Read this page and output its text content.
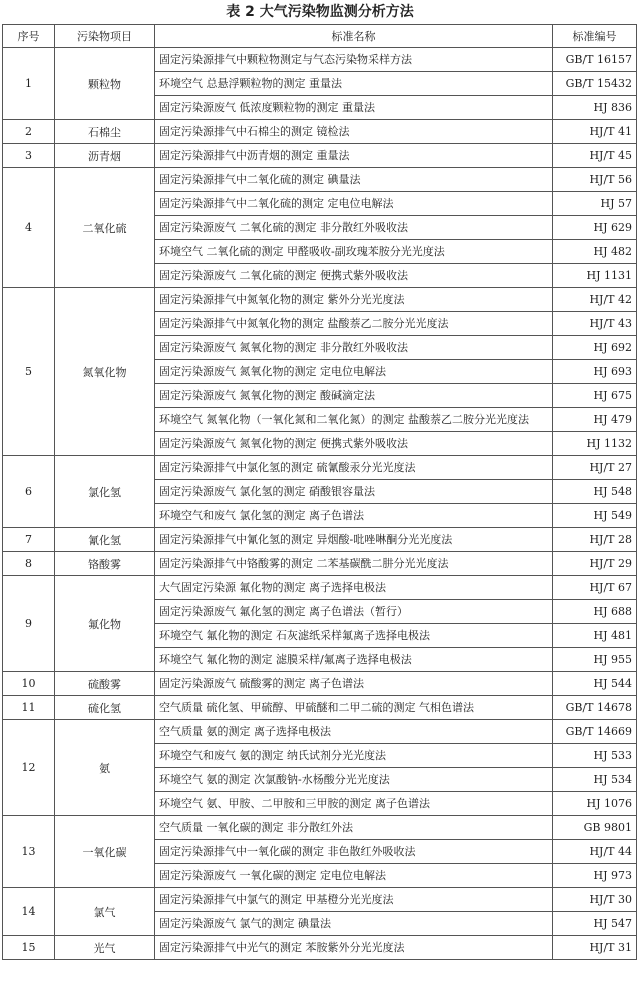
表 2 大气污染物监测分析方法
序号	污染物项目	标准名称	标准编号
1	颗粒物	固定污染源排气中颗粒物测定与气态污染物采样方法	GB/T 16157
		环境空气 总悬浮颗粒物的测定 重量法	GB/T 15432
		固定污染源废气 低浓度颗粒物的测定 重量法	HJ 836
2	石棉尘	固定污染源排气中石棉尘的测定 镜检法	HJ/T 41
3	沥青烟	固定污染源排气中沥青烟的测定 重量法	HJ/T 45
4	二氧化硫	固定污染源排气中二氧化硫的测定 碘量法	HJ/T 56
		固定污染源排气中二氧化硫的测定 定电位电解法	HJ 57
		固定污染源废气 二氧化硫的测定 非分散红外吸收法	HJ 629
		环境空气 二氧化硫的测定 甲醛吸收-副玫瑰苯胺分光光度法	HJ 482
		固定污染源废气 二氧化硫的测定 便携式紫外吸收法	HJ 1131
5	氮氧化物	固定污染源排气中氮氧化物的测定 紫外分光光度法	HJ/T 42
		固定污染源排气中氮氧化物的测定 盐酸萘乙二胺分光光度法	HJ/T 43
		固定污染源废气 氮氧化物的测定 非分散红外吸收法	HJ 692
		固定污染源废气 氮氧化物的测定 定电位电解法	HJ 693
		固定污染源废气 氮氧化物的测定 酸碱滴定法	HJ 675
		环境空气 氮氧化物（一氧化氮和二氧化氮）的测定 盐酸萘乙二胺分光光度法	HJ 479
		固定污染源废气 氮氧化物的测定 便携式紫外吸收法	HJ 1132
6	氯化氢	固定污染源排气中氯化氢的测定 硫氰酸汞分光光度法	HJ/T 27
		固定污染源废气 氯化氢的测定 硝酸银容量法	HJ 548
		环境空气和废气 氯化氢的测定 离子色谱法	HJ 549
7	氰化氢	固定污染源排气中氰化氢的测定 异烟酸-吡唑啉酮分光光度法	HJ/T 28
8	铬酸雾	固定污染源排气中铬酸雾的测定 二苯基碳酰二肼分光光度法	HJ/T 29
9	氟化物	大气固定污染源 氟化物的测定 离子选择电极法	HJ/T 67
		固定污染源废气 氟化氢的测定 离子色谱法（暂行）	HJ 688
		环境空气 氟化物的测定 石灰滤纸采样氟离子选择电极法	HJ 481
		环境空气 氟化物的测定 滤膜采样/氟离子选择电极法	HJ 955
10	硫酸雾	固定污染源废气 硫酸雾的测定 离子色谱法	HJ 544
11	硫化氢	空气质量 硫化氢、甲硫醇、甲硫醚和二甲二硫的测定 气相色谱法	GB/T 14678
12	氨	空气质量 氨的测定 离子选择电极法	GB/T 14669
		环境空气和废气 氨的测定 纳氏试剂分光光度法	HJ 533
		环境空气 氨的测定 次氯酸钠-水杨酸分光光度法	HJ 534
		环境空气 氨、甲胺、二甲胺和三甲胺的测定 离子色谱法	HJ 1076
13	一氧化碳	空气质量 一氧化碳的测定 非分散红外法	GB 9801
		固定污染源排气中一氧化碳的测定 非色散红外吸收法	HJ/T 44
		固定污染源废气 一氧化碳的测定 定电位电解法	HJ 973
14	氯气	固定污染源排气中氯气的测定 甲基橙分光光度法	HJ/T 30
		固定污染源废气 氯气的测定 碘量法	HJ 547
15	光气	固定污染源排气中光气的测定 苯胺紫外分光光度法	HJ/T 31
